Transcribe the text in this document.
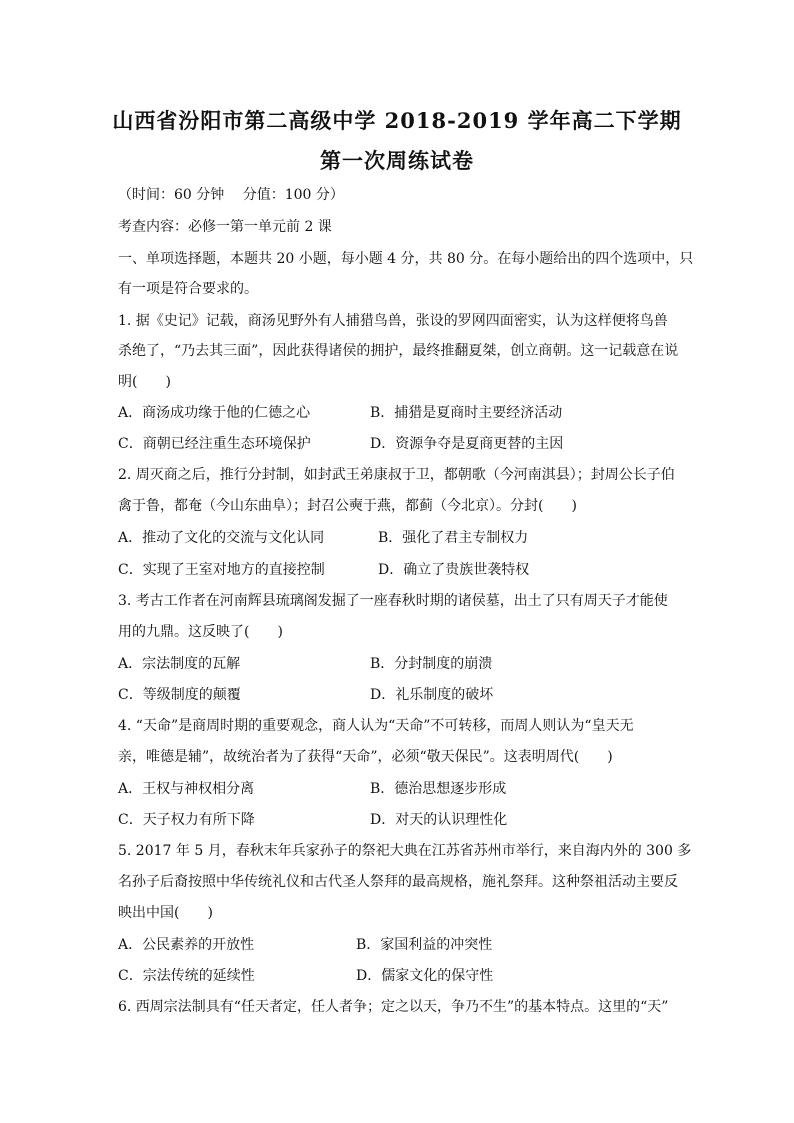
山西省汾阳市第二高级中学 2018-2019 学年高二下学期
第一次周练试卷
（时间：60 分钟　 分值：100 分）
考查内容：必修一第一单元前 2 课
一、单项选择题，本题共 20 小题，每小题 4 分，共 80 分。在每小题给出的四个选项中，只
有一项是符合要求的。
1. 据《史记》记载，商汤见野外有人捕猎鸟兽，张设的罗网四面密实，认为这样便将鸟兽
杀绝了，“乃去其三面”，因此获得诸侯的拥护，最终推翻夏桀，创立商朝。这一记载意在说
明(　　)
A．商汤成功缘于他的仁德之心	B．捕猎是夏商时主要经济活动
C．商朝已经注重生态环境保护	D．资源争夺是夏商更替的主因
2. 周灭商之后，推行分封制，如封武王弟康叔于卫，都朝歌（今河南淇县）；封周公长子伯
禽于鲁，都奄（今山东曲阜）；封召公奭于燕，都蓟（今北京）。分封(　　)
A．推动了文化的交流与文化认同	B．强化了君主专制权力
C．实现了王室对地方的直接控制	D．确立了贵族世袭特权
3. 考古工作者在河南辉县琉璃阁发掘了一座春秋时期的诸侯墓，出土了只有周天子才能使
用的九鼎。这反映了(　　)
A．宗法制度的瓦解	B．分封制度的崩溃
C．等级制度的颠覆	D．礼乐制度的破坏
4. “天命”是商周时期的重要观念，商人认为“天命”不可转移，而周人则认为“皇天无
亲，唯德是辅”，故统治者为了获得“天命”，必须“敬天保民”。这表明周代(　　)
A．王权与神权相分离	B．德治思想逐步形成
C．天子权力有所下降	D．对天的认识理性化
5. 2017 年 5 月，春秋末年兵家孙子的祭祀大典在江苏省苏州市举行，来自海内外的 300 多
名孙子后裔按照中华传统礼仪和古代圣人祭拜的最高规格，施礼祭拜。这种祭祖活动主要反
映出中国(　　)
A．公民素养的开放性	B．家国利益的冲突性
C．宗法传统的延续性	D．儒家文化的保守性
6. 西周宗法制具有“任天者定，任人者争；定之以天，争乃不生”的基本特点。这里的“天”
